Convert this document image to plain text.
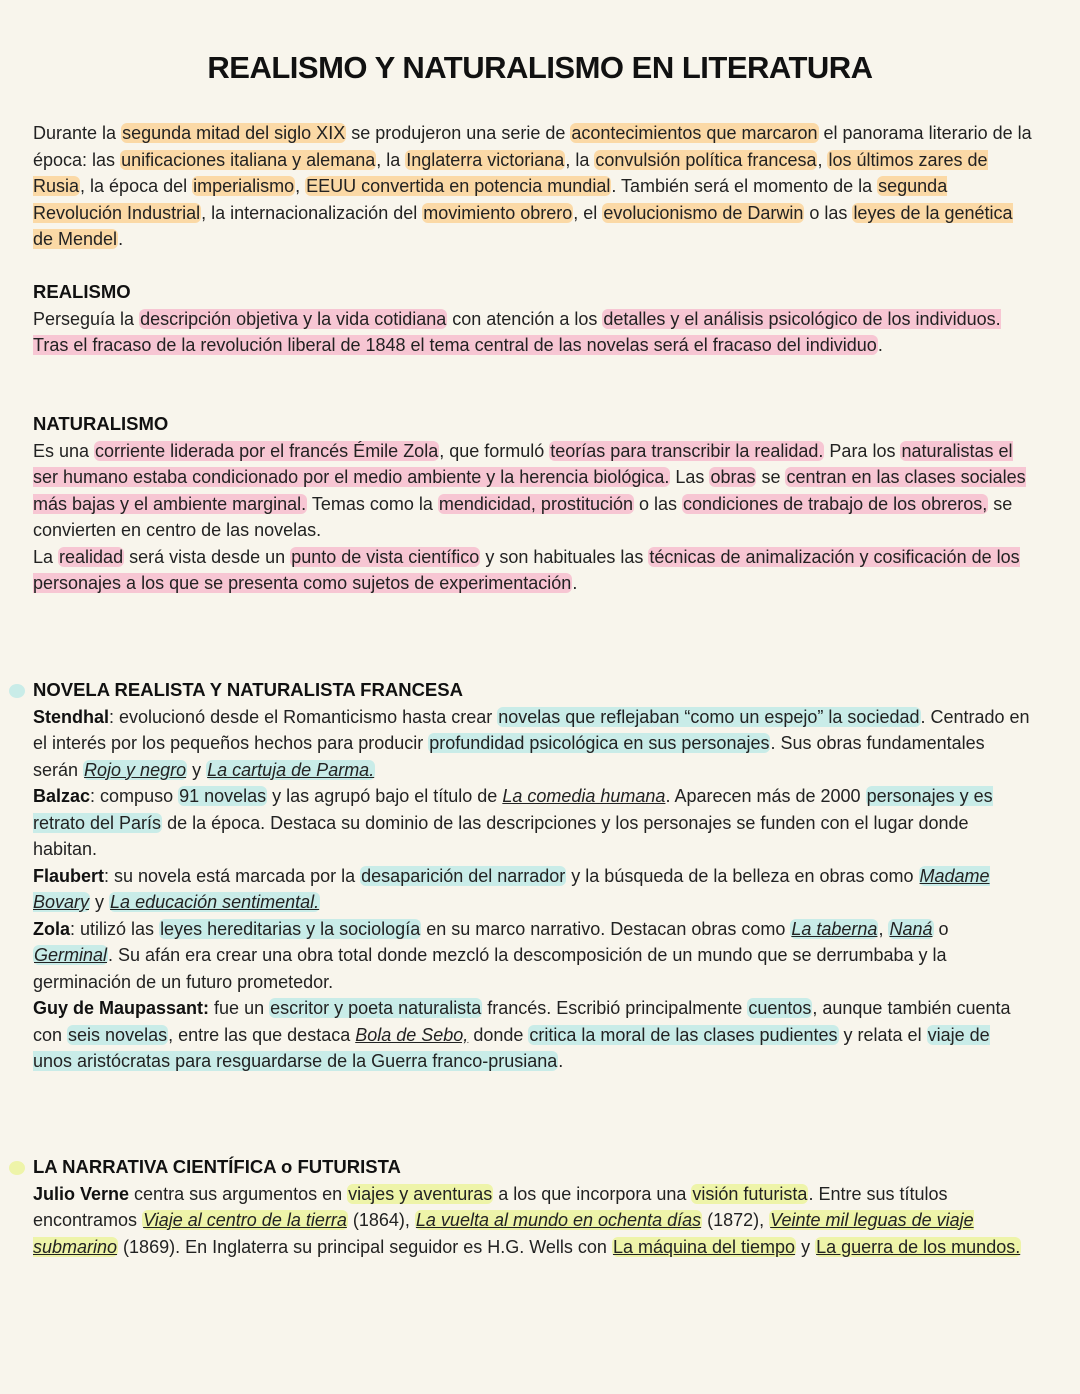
REALISMO Y NATURALISMO EN LITERATURA

Durante la segunda mitad del siglo XIX se produjeron una serie de acontecimientos que marcaron el panorama literario de la época: las unificaciones italiana y alemana, la Inglaterra victoriana, la convulsión política francesa, los últimos zares de Rusia, la época del imperialismo, EEUU convertida en potencia mundial. También será el momento de la segunda Revolución Industrial, la internacionalización del movimiento obrero, el evolucionismo de Darwin o las leyes de la genética de Mendel.

REALISMO

Perseguía la descripción objetiva y la vida cotidiana con atención a los detalles y el análisis psicológico de los individuos. Tras el fracaso de la revolución liberal de 1848 el tema central de las novelas será el fracaso del individuo.

NATURALISMO

Es una corriente liderada por el francés Émile Zola, que formuló teorías para transcribir la realidad. Para los naturalistas el ser humano estaba condicionado por el medio ambiente y la herencia biológica. Las obras se centran en las clases sociales más bajas y el ambiente marginal. Temas como la mendicidad, prostitución o las condiciones de trabajo de los obreros, se convierten en centro de las novelas.

La realidad será vista desde un punto de vista científico y son habituales las técnicas de animalización y cosificación de los personajes a los que se presenta como sujetos de experimentación.

NOVELA REALISTA Y NATURALISTA FRANCESA

Stendhal: evolucionó desde el Romanticismo hasta crear novelas que reflejaban “como un espejo” la sociedad. Centrado en el interés por los pequeños hechos para producir profundidad psicológica en sus personajes. Sus obras fundamentales serán Rojo y negro y La cartuja de Parma.

Balzac: compuso 91 novelas y las agrupó bajo el título de La comedia humana. Aparecen más de 2000 personajes y es retrato del París de la época. Destaca su dominio de las descripciones y los personajes se funden con el lugar donde habitan.

Flaubert: su novela está marcada por la desaparición del narrador y la búsqueda de la belleza en obras como Madame Bovary y La educación sentimental.

Zola: utilizó las leyes hereditarias y la sociología en su marco narrativo. Destacan obras como La taberna, Naná o Germinal. Su afán era crear una obra total donde mezcló la descomposición de un mundo que se derrumbaba y la germinación de un futuro prometedor.

Guy de Maupassant: fue un escritor y poeta naturalista francés. Escribió principalmente cuentos, aunque también cuenta con seis novelas, entre las que destaca Bola de Sebo, donde critica la moral de las clases pudientes y relata el viaje de unos aristócratas para resguardarse de la Guerra franco-prusiana.

LA NARRATIVA CIENTÍFICA o FUTURISTA

Julio Verne centra sus argumentos en viajes y aventuras a los que incorpora una visión futurista. Entre sus títulos encontramos Viaje al centro de la tierra (1864), La vuelta al mundo en ochenta días (1872), Veinte mil leguas de viaje submarino (1869). En Inglaterra su principal seguidor es H.G. Wells con La máquina del tiempo y La guerra de los mundos.
